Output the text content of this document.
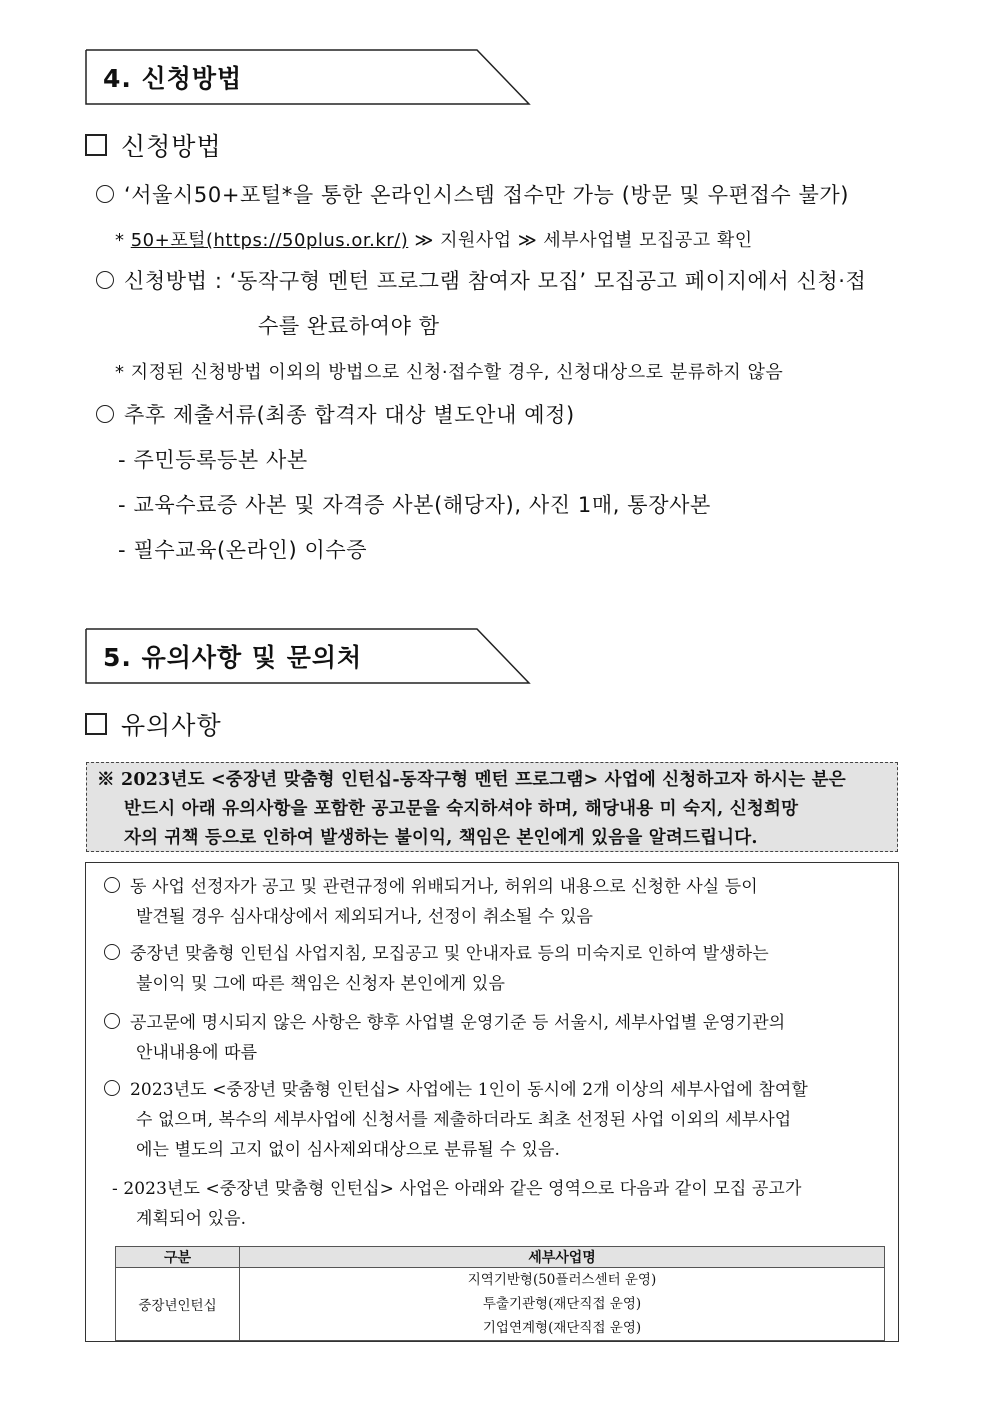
4. 신청방법
신청방법
‘서울시50+포털*을 통한 온라인시스템 접수만 가능 (방문 및 우편접수 불가)
* 50+포털(https://50plus.or.kr/) ≫ 지원사업 ≫ 세부사업별 모집공고 확인
신청방법 : ‘동작구형 멘턴 프로그램 참여자 모집’ 모집공고 페이지에서 신청·접
수를 완료하여야 함
* 지정된 신청방법 이외의 방법으로 신청·접수할 경우, 신청대상으로 분류하지 않음
추후 제출서류(최종 합격자 대상 별도안내 예정)
- 주민등록등본 사본
- 교육수료증 사본 및 자격증 사본(해당자), 사진 1매, 통장사본
- 필수교육(온라인) 이수증
5. 유의사항 및 문의처
유의사항
※ 2023년도 <중장년 맞춤형 인턴십-동작구형 멘턴 프로그램> 사업에 신청하고자 하시는 분은
반드시 아래 유의사항을 포함한 공고문을 숙지하셔야 하며, 해당내용 미 숙지, 신청희망
자의 귀책 등으로 인하여 발생하는 불이익, 책임은 본인에게 있음을 알려드립니다.
동 사업 선정자가 공고 및 관련규정에 위배되거나, 허위의 내용으로 신청한 사실 등이
발견될 경우 심사대상에서 제외되거나, 선정이 취소될 수 있음
중장년 맞춤형 인턴십 사업지침, 모집공고 및 안내자료 등의 미숙지로 인하여 발생하는
불이익 및 그에 따른 책임은 신청자 본인에게 있음
공고문에 명시되지 않은 사항은 향후 사업별 운영기준 등 서울시, 세부사업별 운영기관의
안내내용에 따름
2023년도 <중장년 맞춤형 인턴십> 사업에는 1인이 동시에 2개 이상의 세부사업에 참여할
수 없으며, 복수의 세부사업에 신청서를 제출하더라도 최초 선정된 사업 이외의 세부사업
에는 별도의 고지 없이 심사제외대상으로 분류될 수 있음.
- 2023년도 <중장년 맞춤형 인턴십> 사업은 아래와 같은 영역으로 다음과 같이 모집 공고가
계획되어 있음.
구분	세부사업명
중장년인턴십	지역기반형(50플러스센터 운영)
	투출기관형(재단직접 운영)
	기업연계형(재단직접 운영)
